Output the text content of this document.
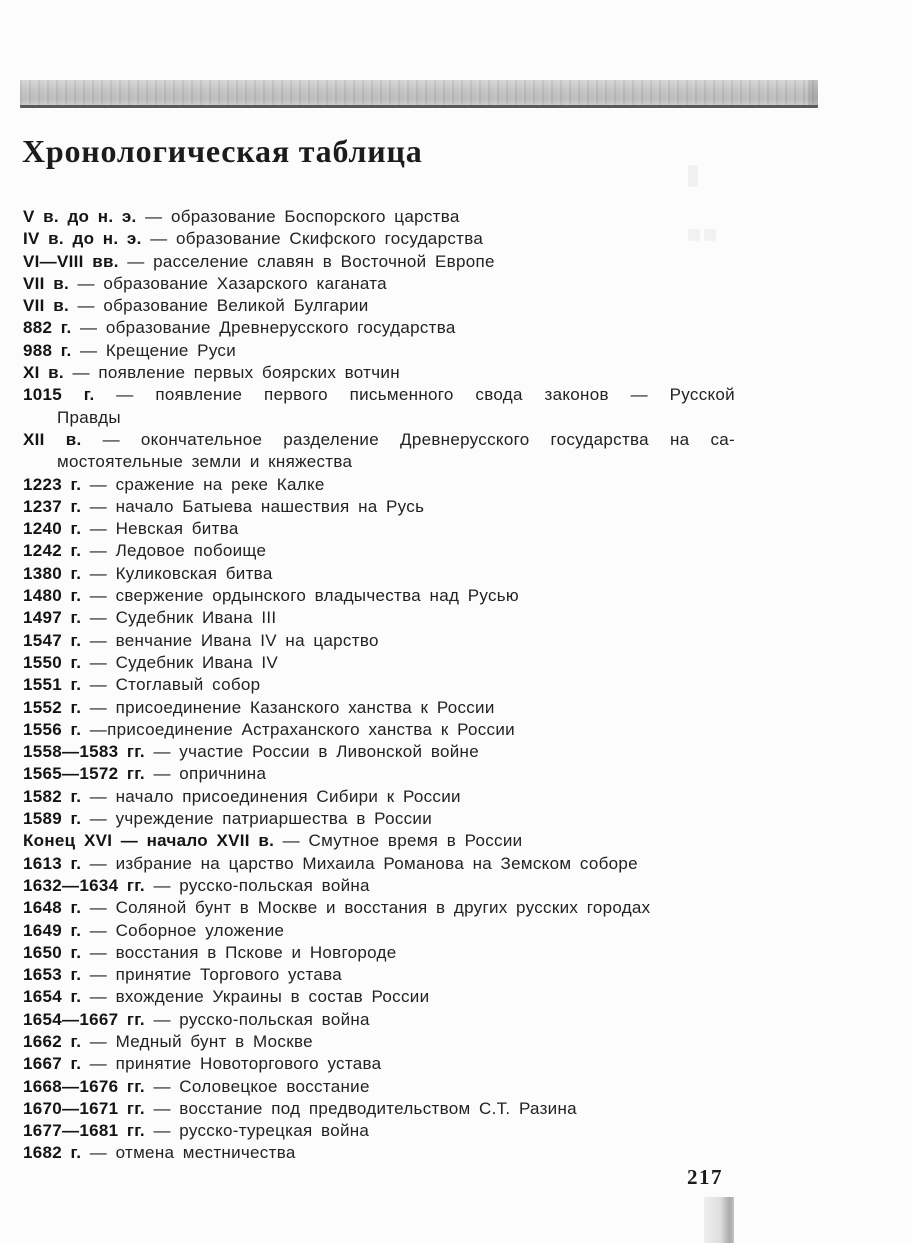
Хронологическая таблица
V в. до н. э. — образование Боспорского царства
IV в. до н. э. — образование Скифского государства
VI—VIII вв. — расселение славян в Восточной Европе
VII в. — образование Хазарского каганата
VII в. — образование Великой Булгарии
882 г. — образование Древнерусского государства
988 г. — Крещение Руси
XI в. — появление первых боярских вотчин
1015 г. — появление первого письменного свода законов — Русской
Правды
XII в. — окончательное разделение Древнерусского государства на са-
мостоятельные земли и княжества
1223 г. — сражение на реке Калке
1237 г. — начало Батыева нашествия на Русь
1240 г. — Невская битва
1242 г. — Ледовое побоище
1380 г. — Куликовская битва
1480 г. — свержение ордынского владычества над Русью
1497 г. — Судебник Ивана III
1547 г. — венчание Ивана IV на царство
1550 г. — Судебник Ивана IV
1551 г. — Стоглавый собор
1552 г. — присоединение Казанского ханства к России
1556 г. —присоединение Астраханского ханства к России
1558—1583 гг. — участие России в Ливонской войне
1565—1572 гг. — опричнина
1582 г. — начало присоединения Сибири к России
1589 г. — учреждение патриаршества в России
Конец XVI — начало XVII в. — Смутное время в России
1613 г. — избрание на царство Михаила Романова на Земском соборе
1632—1634 гг. — русско-польская война
1648 г. — Соляной бунт в Москве и восстания в других русских городах
1649 г. — Соборное уложение
1650 г. — восстания в Пскове и Новгороде
1653 г. — принятие Торгового устава
1654 г. — вхождение Украины в состав России
1654—1667 гг. — русско-польская война
1662 г. — Медный бунт в Москве
1667 г. — принятие Новоторгового устава
1668—1676 гг. — Соловецкое восстание
1670—1671 гг. — восстание под предводительством С.Т. Разина
1677—1681 гг. — русско-турецкая война
1682 г. — отмена местничества
217
